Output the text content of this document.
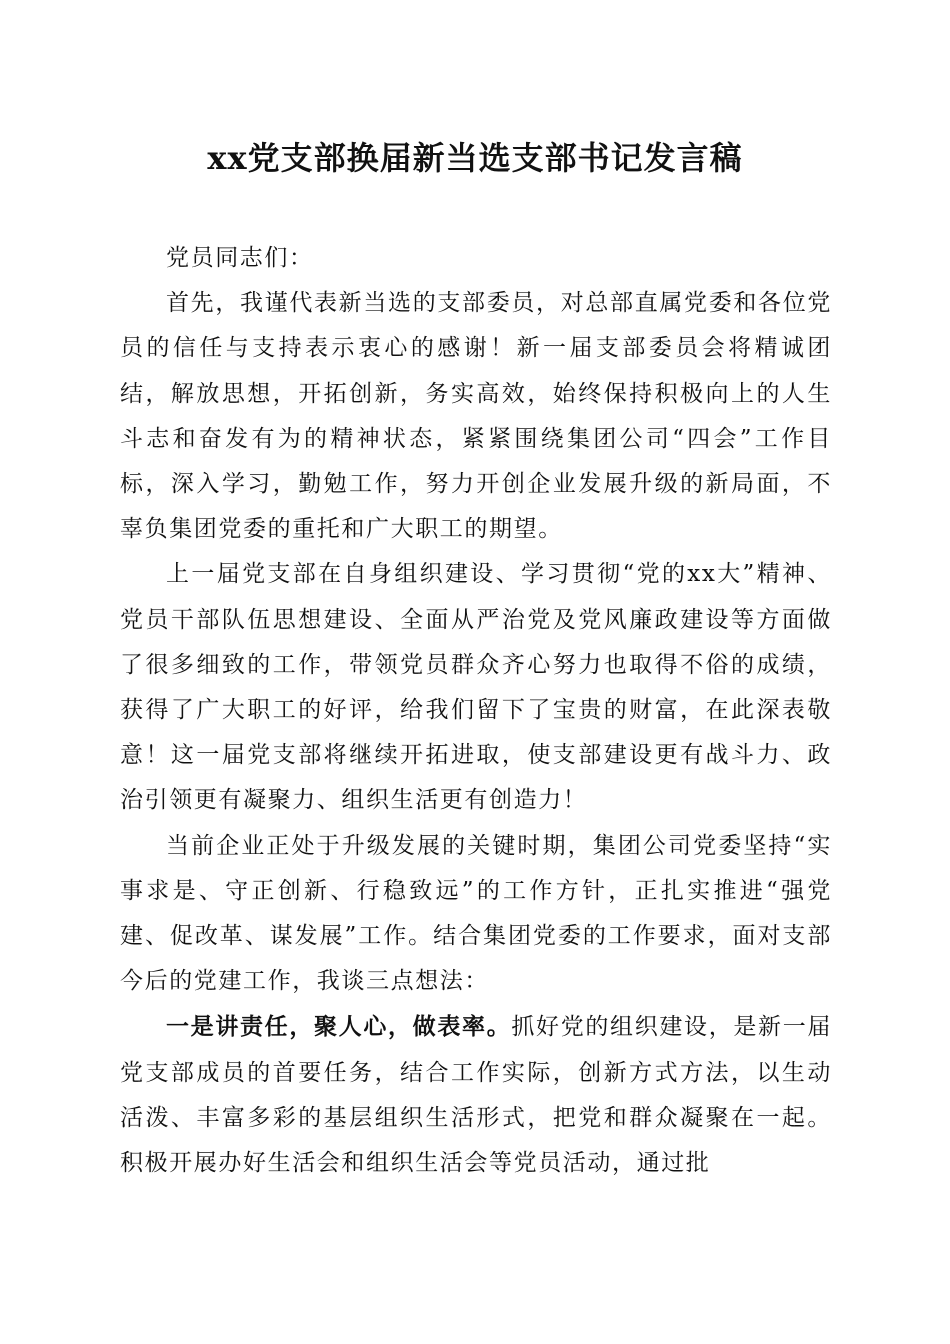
xx党支部换届新当选支部书记发言稿

党员同志们：

首先，我谨代表新当选的支部委员，对总部直属党委和各位党员的信任与支持表示衷心的感谢！新一届支部委员会将精诚团结，解放思想，开拓创新，务实高效，始终保持积极向上的人生斗志和奋发有为的精神状态，紧紧围绕集团公司“四会”工作目标，深入学习，勤勉工作，努力开创企业发展升级的新局面，不辜负集团党委的重托和广大职工的期望。

上一届党支部在自身组织建设、学习贯彻“党的xx大”精神、党员干部队伍思想建设、全面从严治党及党风廉政建设等方面做了很多细致的工作，带领党员群众齐心努力也取得不俗的成绩，获得了广大职工的好评，给我们留下了宝贵的财富，在此深表敬意！这一届党支部将继续开拓进取，使支部建设更有战斗力、政治引领更有凝聚力、组织生活更有创造力！

当前企业正处于升级发展的关键时期，集团公司党委坚持“实事求是、守正创新、行稳致远”的工作方针，正扎实推进“强党建、促改革、谋发展”工作。结合集团党委的工作要求，面对支部今后的党建工作，我谈三点想法：

一是讲责任，聚人心，做表率。抓好党的组织建设，是新一届党支部成员的首要任务，结合工作实际，创新方式方法，以生动活泼、丰富多彩的基层组织生活形式，把党和群众凝聚在一起。积极开展办好生活会和组织生活会等党员活动，通过批
